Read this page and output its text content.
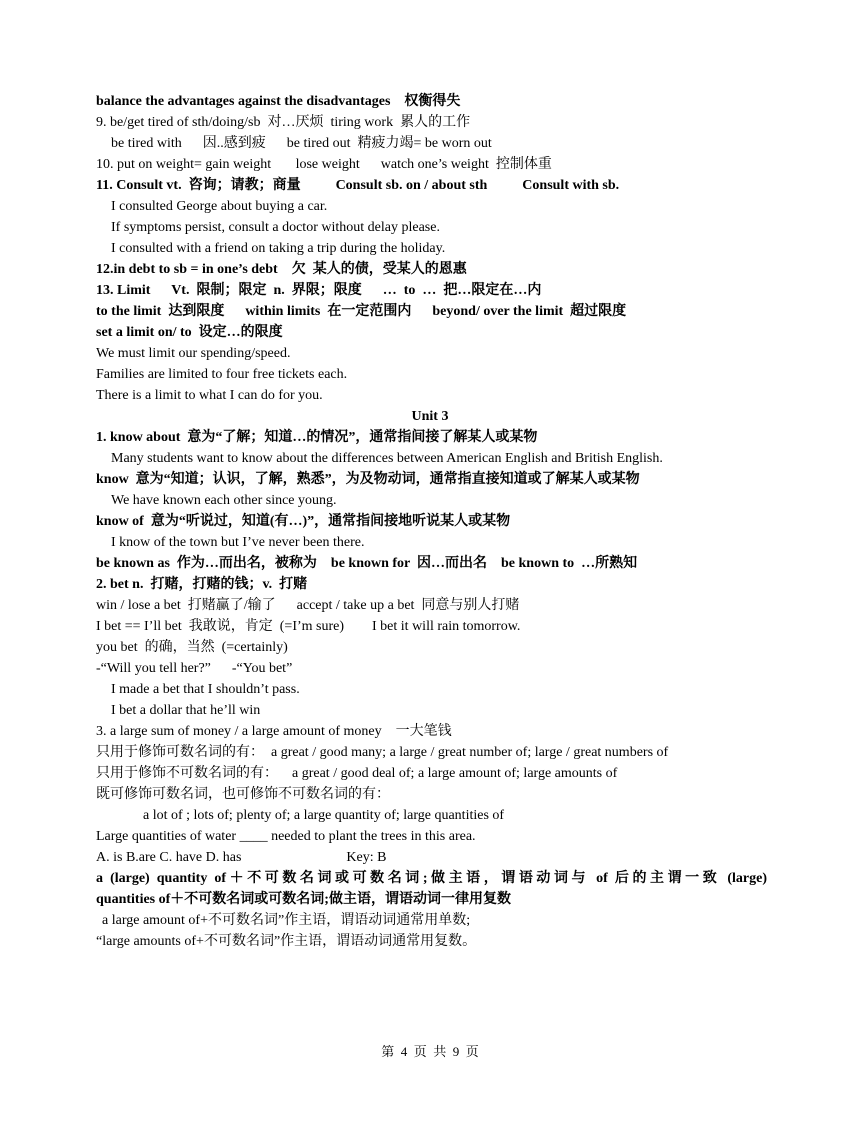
balance the advantages against the disadvantages　权衡得失
9. be/get tired of sth/doing/sb  对…厌烦  tiring work  累人的工作
be tired with      因..感到疲      be tired out  精疲力竭= be worn out
10. put on weight= gain weight       lose weight      watch one’s weight  控制体重
11. Consult vt.  咨询；请教；商量          Consult sb. on / about sth          Consult with sb.
I consulted George about buying a car.
If symptoms persist, consult a doctor without delay please.
I consulted with a friend on taking a trip during the holiday.
12.in debt to sb = in one’s debt    欠  某人的债，受某人的恩惠
13. Limit      Vt.  限制；限定  n.  界限；限度      …  to  …  把…限定在…内
to the limit  达到限度      within limits  在一定范围内      beyond/ over the limit  超过限度
set a limit on/ to  设定…的限度
We must limit our spending/speed.
Families are limited to four free tickets each.
There is a limit to what I can do for you.
Unit 3
1. know about  意为“了解；知道…的情况”，通常指间接了解某人或某物
Many students want to know about the differences between American English and British English.
know  意为“知道；认识，了解，熟悉”，为及物动词，通常指直接知道或了解某人或某物
We have known each other since young.
know of  意为“听说过，知道(有…)”，通常指间接地听说某人或某物
I know of the town but I’ve never been there.
be known as  作为…而出名，被称为    be known for  因…而出名    be known to  …所熟知
2. bet n.  打赌，打赌的钱；v.  打赌
win / lose a bet  打赌赢了/输了      accept / take up a bet  同意与别人打赌
I bet == I’ll bet  我敢说，肯定  (=I’m sure)        I bet it will rain tomorrow.
you bet  的确，当然  (=certainly)
-“Will you tell her?”      -“You bet”
I made a bet that I shouldn’t pass.
I bet a dollar that he’ll win
3. a large sum of money / a large amount of money    一大笔钱
只用于修饰可数名词的有：  a great / good many; a large / great number of; large / great numbers of
只用于修饰不可数名词的有：    a great / good deal of; a large amount of; large amounts of
既可修饰可数名词，也可修饰不可数名词的有：
a lot of ; lots of; plenty of; a large quantity of; large quantities of
Large quantities of water ____ needed to plant the trees in this area.
A. is B.are C. have D. has                              Key: B
a (large) quantity of＋不可数名词或可数名词;做主语，谓语动词与 of 后的主谓一致 (large)
quantities of＋不可数名词或可数名词;做主语，谓语动词一律用复数
a large amount of+不可数名词”作主语，谓语动词通常用单数;
“large amounts of+不可数名词”作主语，谓语动词通常用复数。
第  4  页  共  9  页
